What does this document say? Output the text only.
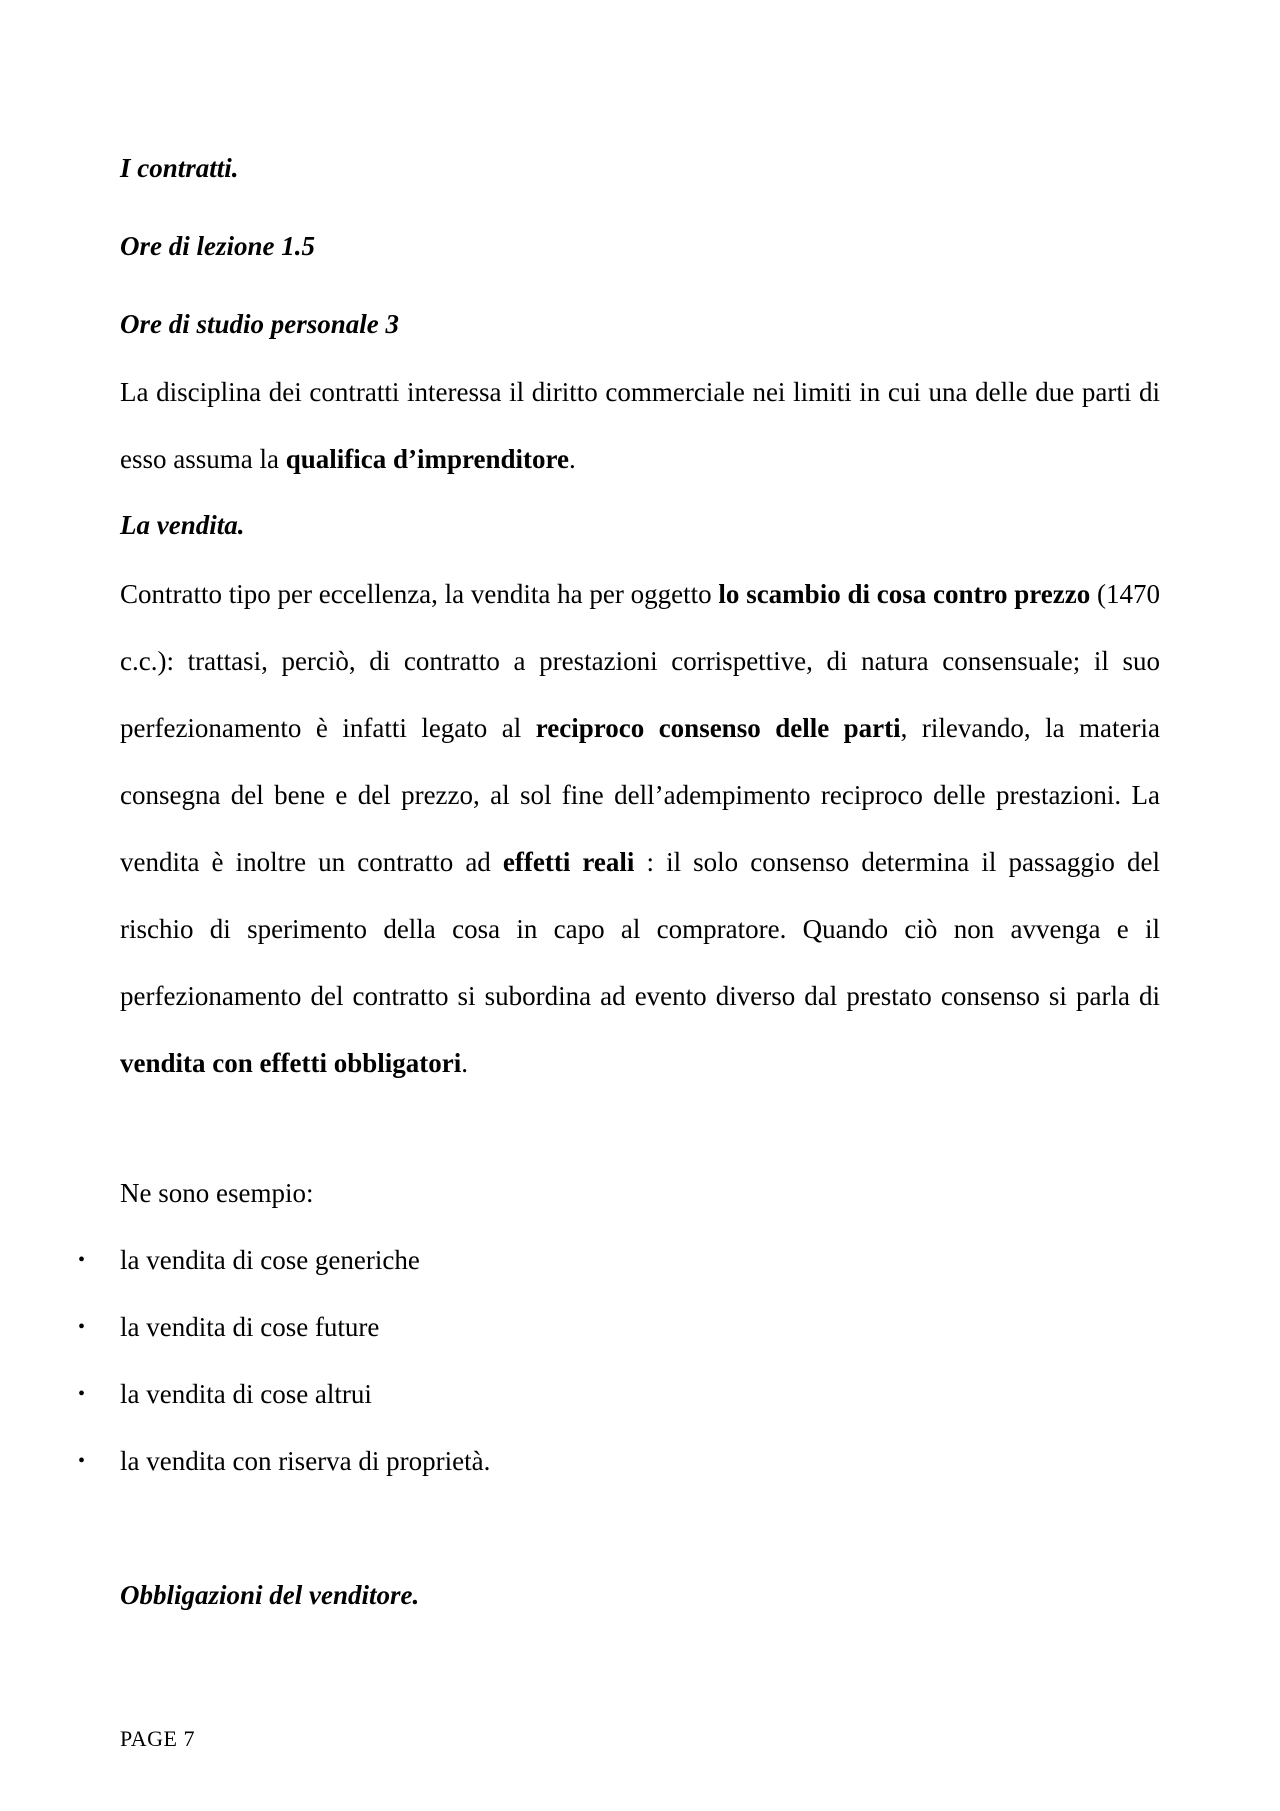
I contratti.

Ore di lezione 1.5

Ore di studio personale 3

La disciplina dei contratti interessa il diritto commerciale nei limiti in cui una delle due parti di esso assuma la qualifica d’imprenditore.

La vendita.

Contratto tipo per eccellenza, la vendita ha per oggetto lo scambio di cosa contro prezzo (1470 c.c.): trattasi, perciò, di contratto a prestazioni corrispettive, di natura consensuale; il suo perfezionamento è infatti legato al reciproco consenso delle parti, rilevando, la materia consegna del bene e del prezzo, al sol fine dell’adempimento reciproco delle prestazioni. La vendita è inoltre un contratto ad effetti reali : il solo consenso determina il passaggio del rischio di sperimento della cosa in capo al compratore. Quando ciò non avvenga e il perfezionamento del contratto si subordina ad evento diverso dal prestato consenso si parla di vendita con effetti obbligatori.

Ne sono esempio:

• la vendita di cose generiche
• la vendita di cose future
• la vendita di cose altrui
• la vendita con riserva di proprietà.

Obbligazioni del venditore.

PAGE 7
